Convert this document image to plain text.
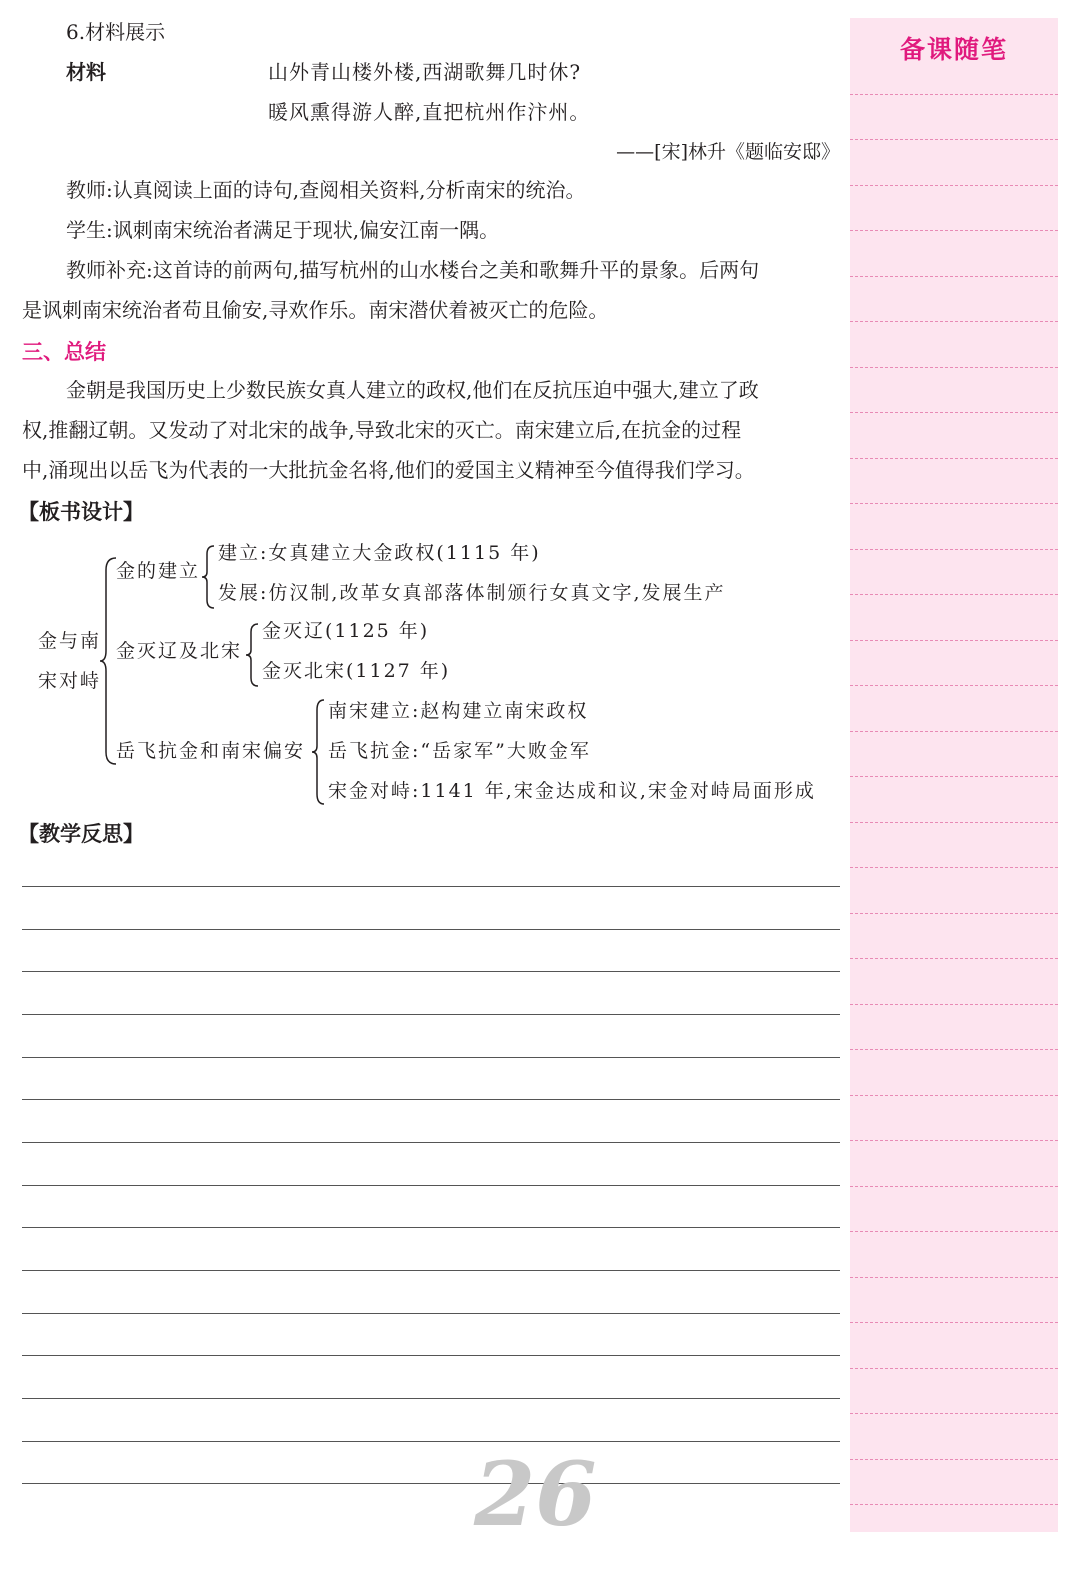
6.材料展示
材料	山外青山楼外楼,西湖歌舞几时休?
暖风熏得游人醉,直把杭州作汴州。
——[宋]林升《题临安邸》
教师:认真阅读上面的诗句,查阅相关资料,分析南宋的统治。
学生:讽刺南宋统治者满足于现状,偏安江南一隅。
教师补充:这首诗的前两句,描写杭州的山水楼台之美和歌舞升平的景象。后两句
是讽刺南宋统治者苟且偷安,寻欢作乐。南宋潜伏着被灭亡的危险。
三、总结
金朝是我国历史上少数民族女真人建立的政权,他们在反抗压迫中强大,建立了政
权,推翻辽朝。又发动了对北宋的战争,导致北宋的灭亡。南宋建立后,在抗金的过程
中,涌现出以岳飞为代表的一大批抗金名将,他们的爱国主义精神至今值得我们学习。
【板书设计】
金与南
宋对峙
金的建立
建立:女真建立大金政权(1115 年)
发展:仿汉制,改革女真部落体制颁行女真文字,发展生产
金灭辽及北宋
金灭辽(1125 年)
金灭北宋(1127 年)
岳飞抗金和南宋偏安
南宋建立:赵构建立南宋政权
岳飞抗金:“岳家军”大败金军
宋金对峙:1141 年,宋金达成和议,宋金对峙局面形成
【教学反思】
26
备课随笔
